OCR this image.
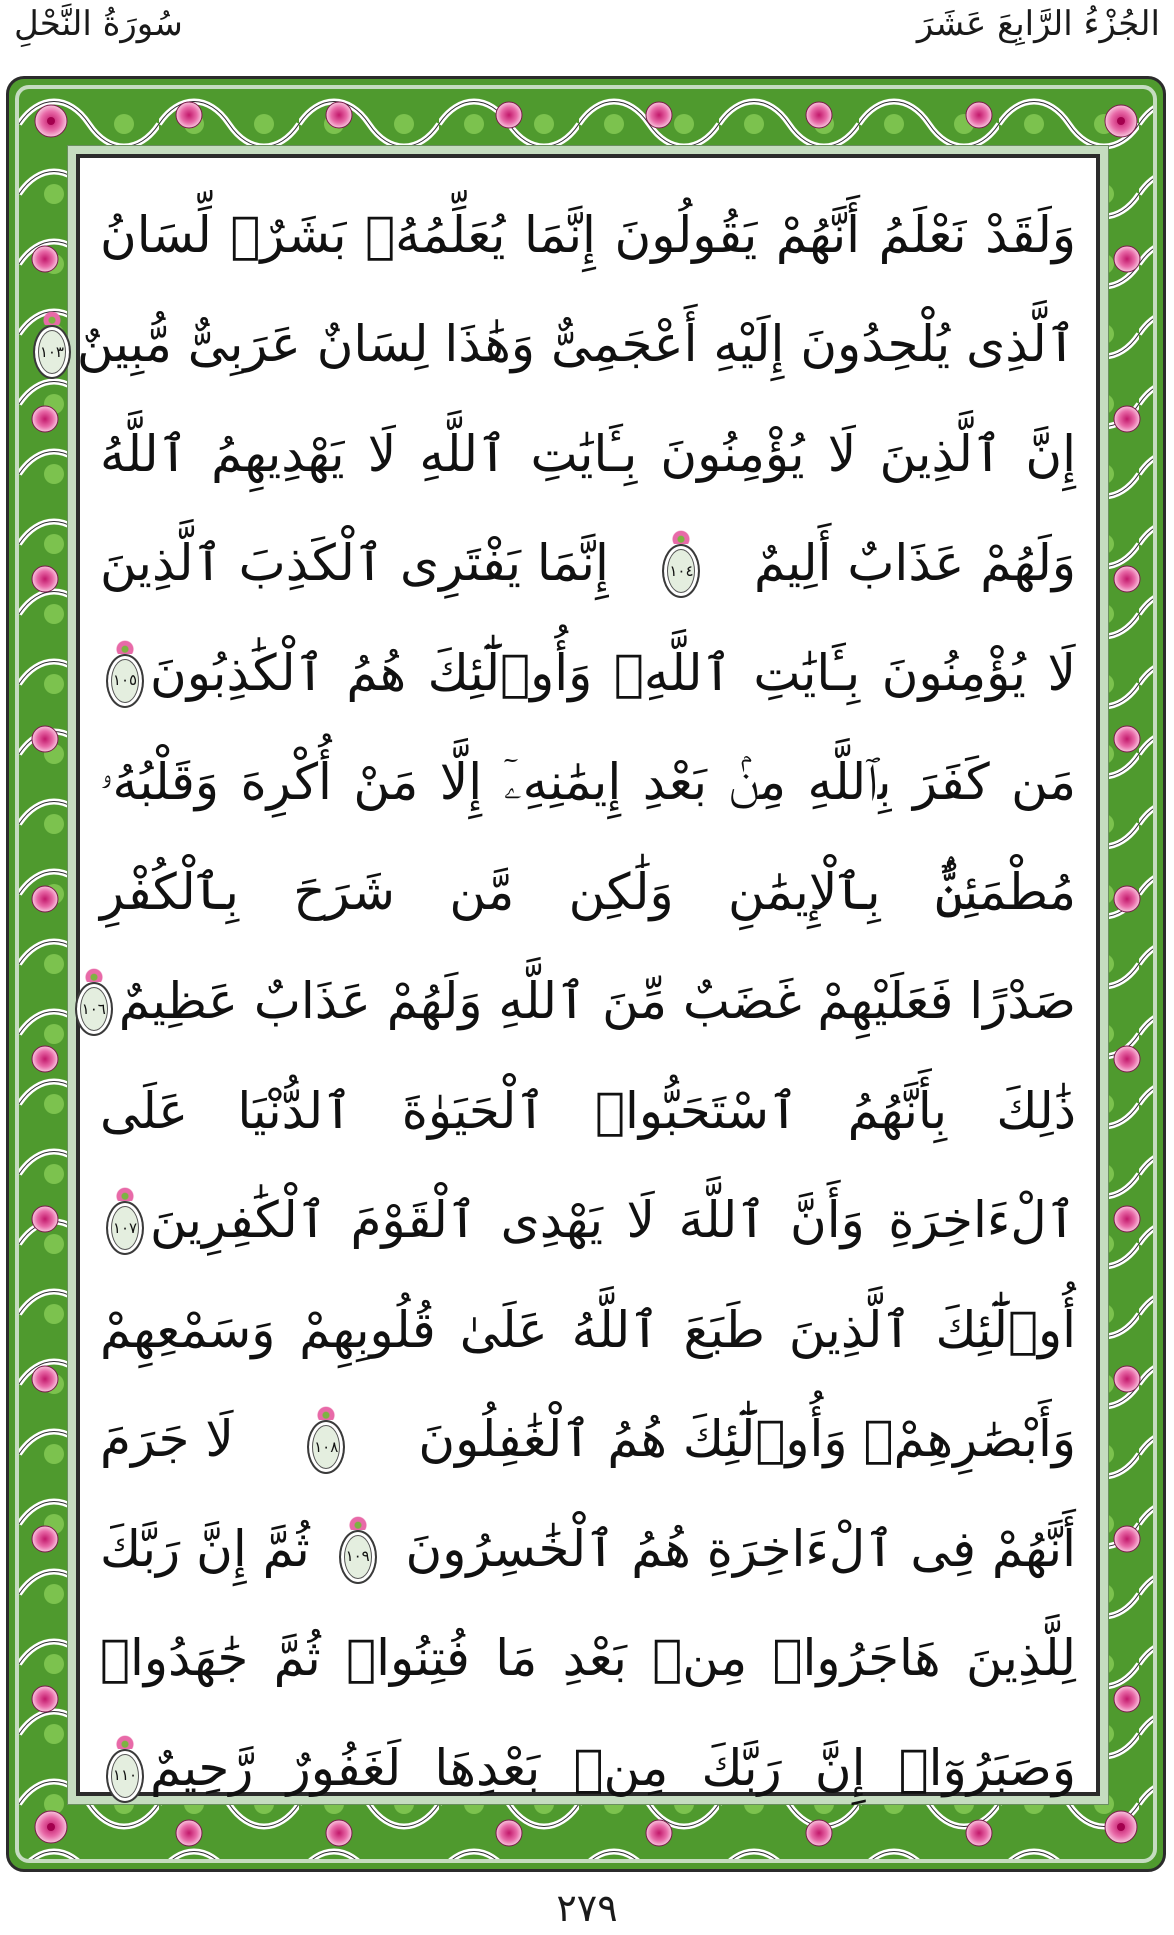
الجُزْءُ الرَّابِعَ عَشَرَ
سُورَةُ النَّحْلِ
وَلَقَدْ نَعْلَمُ أَنَّهُمْ يَقُولُونَ إِنَّمَا يُعَلِّمُهُۥ بَشَرٌۗ لِّسَانُ
ٱلَّذِى يُلْحِدُونَ إِلَيْهِ أَعْجَمِىٌّ وَهَٰذَا لِسَانٌ عَرَبِىٌّ مُّبِينٌ
١٠٣
إِنَّ ٱلَّذِينَ لَا يُؤْمِنُونَ بِـَٔايَٰتِ ٱللَّهِ لَا يَهْدِيهِمُ ٱللَّهُ
وَلَهُمْ عَذَابٌ أَلِيمٌ
١٠٤
إِنَّمَا يَفْتَرِى ٱلْكَذِبَ ٱلَّذِينَ
لَا يُؤْمِنُونَ بِـَٔايَٰتِ ٱللَّهِۖ وَأُو۟لَٰٓئِكَ هُمُ ٱلْكَٰذِبُونَ
١٠٥
مَن كَفَرَ بِٱللَّهِ مِنۢ بَعْدِ إِيمَٰنِهِۦٓ إِلَّا مَنْ أُكْرِهَ وَقَلْبُهُۥ
مُطْمَئِنٌّۢ بِٱلْإِيمَٰنِ وَلَٰكِن مَّن شَرَحَ بِٱلْكُفْرِ
صَدْرًا فَعَلَيْهِمْ غَضَبٌ مِّنَ ٱللَّهِ وَلَهُمْ عَذَابٌ عَظِيمٌ
١٠٦
ذَٰلِكَ بِأَنَّهُمُ ٱسْتَحَبُّوا۟ ٱلْحَيَوٰةَ ٱلدُّنْيَا عَلَى
ٱلْءَاخِرَةِ وَأَنَّ ٱللَّهَ لَا يَهْدِى ٱلْقَوْمَ ٱلْكَٰفِرِينَ
١٠٧
أُو۟لَٰٓئِكَ ٱلَّذِينَ طَبَعَ ٱللَّهُ عَلَىٰ قُلُوبِهِمْ وَسَمْعِهِمْ
وَأَبْصَٰرِهِمْۖ وَأُو۟لَٰٓئِكَ هُمُ ٱلْغَٰفِلُونَ
١٠٨
لَا جَرَمَ
أَنَّهُمْ فِى ٱلْءَاخِرَةِ هُمُ ٱلْخَٰسِرُونَ
١٠٩
ثُمَّ إِنَّ رَبَّكَ
لِلَّذِينَ هَاجَرُوا۟ مِنۢ بَعْدِ مَا فُتِنُوا۟ ثُمَّ جَٰهَدُوا۟
وَصَبَرُوٓا۟ إِنَّ رَبَّكَ مِنۢ بَعْدِهَا لَغَفُورٌ رَّحِيمٌ
١١٠
٢٧٩
